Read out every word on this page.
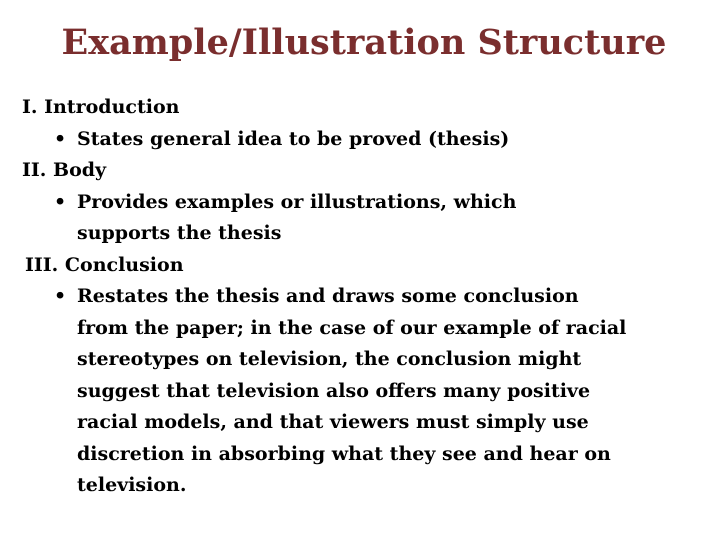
Example/Illustration Structure
I. Introduction
• States general idea to be proved (thesis)
II. Body
• Provides examples or illustrations, which
supports the thesis
III. Conclusion
• Restates the thesis and draws some conclusion
from the paper; in the case of our example of racial
stereotypes on television, the conclusion might
suggest that television also offers many positive
racial models, and that viewers must simply use
discretion in absorbing what they see and hear on
television.
